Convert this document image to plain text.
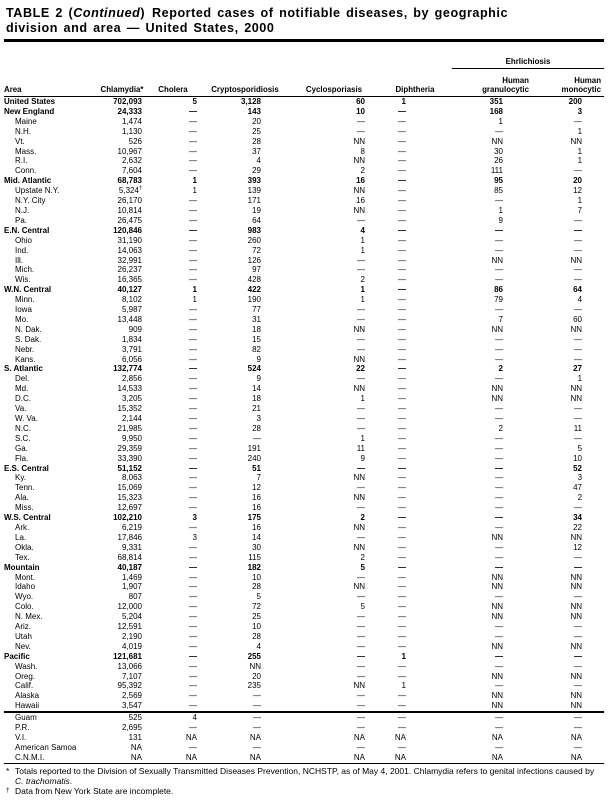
TABLE 2 (Continued) Reported cases of notifiable diseases, by geographic
division and area — United States, 2000
						Ehrlichiosis	
Area	Chlamydia*	Cholera	Cryptosporidiosis	Cyclosporiasis	Diphtheria	Human
granulocytic	Human
monocytic
United States	702,093	5	3,128	60	1	351	200
New England	24,333	—	143	10	—	168	3
Maine	1,474	—	20	—	—	1	—
N.H.	1,130	—	25	—	—	—	1
Vt.	526	—	28	NN	—	NN	NN
Mass.	10,967	—	37	8	—	30	1
R.I.	2,632	—	4	NN	—	26	1
Conn.	7,604	—	29	2	—	111	—
Mid. Atlantic	68,783	1	393	16	—	95	20
Upstate N.Y.	5,324†	1	139	NN	—	85	12
N.Y. City	26,170	—	171	16	—	—	1
N.J.	10,814	—	19	NN	—	1	7
Pa.	26,475	—	64	—	—	9	—
E.N. Central	120,846	—	983	4	—	—	—
Ohio	31,190	—	260	1	—	—	—
Ind.	14,063	—	72	1	—	—	—
Ill.	32,991	—	126	—	—	NN	NN
Mich.	26,237	—	97	—	—	—	—
Wis.	16,365	—	428	2	—	—	—
W.N. Central	40,127	1	422	1	—	86	64
Minn.	8,102	1	190	1	—	79	4
Iowa	5,987	—	77	—	—	—	—
Mo.	13,448	—	31	—	—	7	60
N. Dak.	909	—	18	NN	—	NN	NN
S. Dak.	1,834	—	15	—	—	—	—
Nebr.	3,791	—	82	—	—	—	—
Kans.	6,056	—	9	NN	—	—	—
S. Atlantic	132,774	—	524	22	—	2	27
Del.	2,856	—	9	—	—	—	1
Md.	14,533	—	14	NN	—	NN	NN
D.C.	3,205	—	18	1	—	NN	NN
Va.	15,352	—	21	—	—	—	—
W. Va.	2,144	—	3	—	—	—	—
N.C.	21,985	—	28	—	—	2	11
S.C.	9,950	—	—	1	—	—	—
Ga.	29,359	—	191	11	—	—	5
Fla.	33,390	—	240	9	—	—	10
E.S. Central	51,152	—	51	—	—	—	52
Ky.	8,063	—	7	NN	—	—	3
Tenn.	15,069	—	12	—	—	—	47
Ala.	15,323	—	16	NN	—	—	2
Miss.	12,697	—	16	—	—	—	—
W.S. Central	102,210	3	175	2	—	—	34
Ark.	6,219	—	16	NN	—	—	22
La.	17,846	3	14	—	—	NN	NN
Okla.	9,331	—	30	NN	—	—	12
Tex.	68,814	—	115	2	—	—	—
Mountain	40,187	—	182	5	—	—	—
Mont.	1,469	—	10	—	—	NN	NN
Idaho	1,907	—	28	NN	—	NN	NN
Wyo.	807	—	5	—	—	—	—
Colo.	12,000	—	72	5	—	NN	NN
N. Mex.	5,204	—	25	—	—	NN	NN
Ariz.	12,591	—	10	—	—	—	—
Utah	2,190	—	28	—	—	—	—
Nev.	4,019	—	4	—	—	NN	NN
Pacific	121,681	—	255	—	1	—	—
Wash.	13,066	—	NN	—	—	—	—
Oreg.	7,107	—	20	—	—	NN	NN
Calif.	95,392	—	235	NN	1	—	—
Alaska	2,569	—	—	—	—	NN	NN
Hawaii	3,547	—	—	—	—	NN	NN
Guam	525	4	—	—	—	—	—
P.R.	2,695	—	—	—	—	—	—
V.I.	131	NA	NA	NA	NA	NA	NA
American Samoa	NA	—	—	—	—	—	—
C.N.M.I.	NA	NA	NA	NA	NA	NA	NA
* Totals reported to the Division of Sexually Transmitted Diseases Prevention, NCHSTP, as of May 4, 2001. Chlamydia refers to genital infections caused by C. trachomatis.
† Data from New York State are incomplete.
